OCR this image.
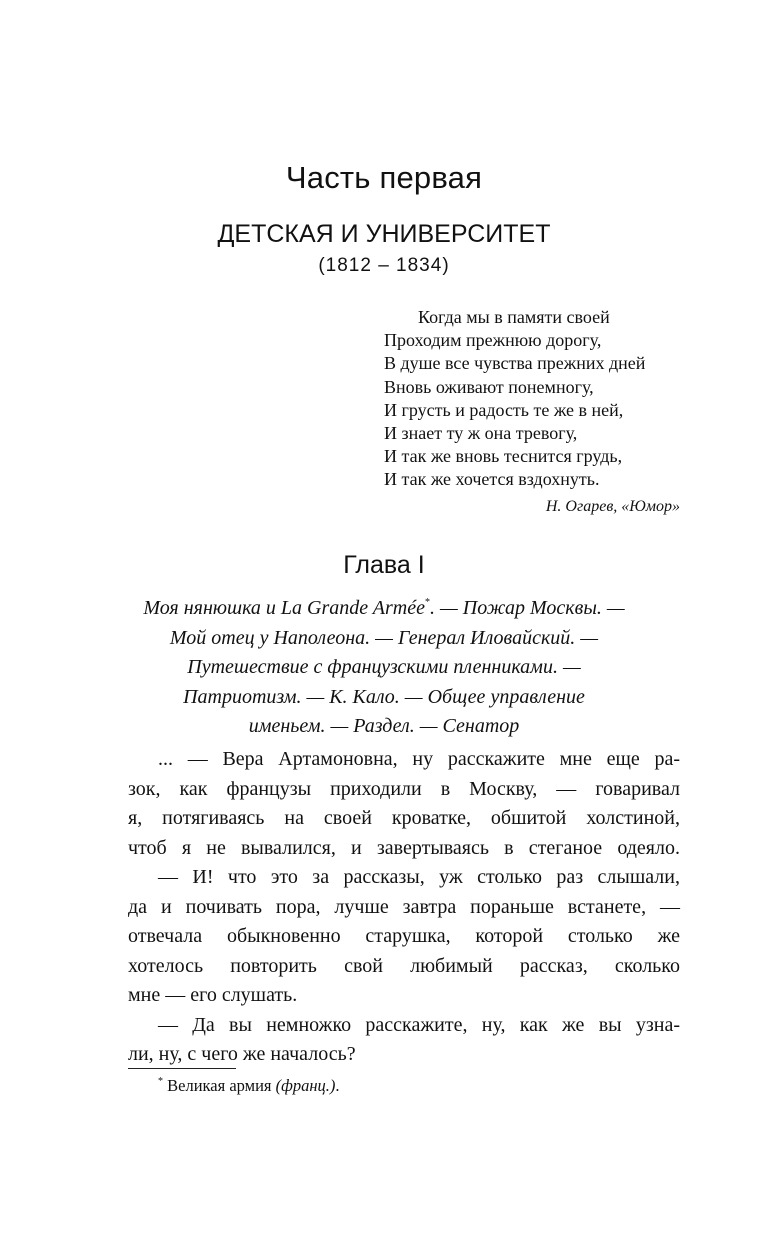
Часть первая
ДЕТСКАЯ И УНИВЕРСИТЕТ
(1812 – 1834)
Когда мы в памяти своей
Проходим прежнюю дорогу,
В душе все чувства прежних дней
Вновь оживают понемногу,
И грусть и радость те же в ней,
И знает ту ж она тревогу,
И так же вновь теснится грудь,
И так же хочется вздохнуть.
Н. Огарев, «Юмор»
Глава I
Моя нянюшка и La Grande Armée*. — Пожар Москвы. —
Мой отец у Наполеона. — Генерал Иловайский. —
Путешествие с французскими пленниками. —
Патриотизм. — К. Кало. — Общее управление
именьем. — Раздел. — Сенатор
... — Вера Артамоновна, ну расскажите мне еще ра-
зок, как французы приходили в Москву, — говаривал
я, потягиваясь на своей кроватке, обшитой холстиной,
чтоб я не вывалился, и завертываясь в стеганое одеяло.
— И! что это за рассказы, уж столько раз слышали,
да и почивать пора, лучше завтра пораньше встанете, —
отвечала обыкновенно старушка, которой столько же
хотелось повторить свой любимый рассказ, сколько
мне — его слушать.
— Да вы немножко расскажите, ну, как же вы узна-
ли, ну, с чего же началось?
* Великая армия (франц.).
